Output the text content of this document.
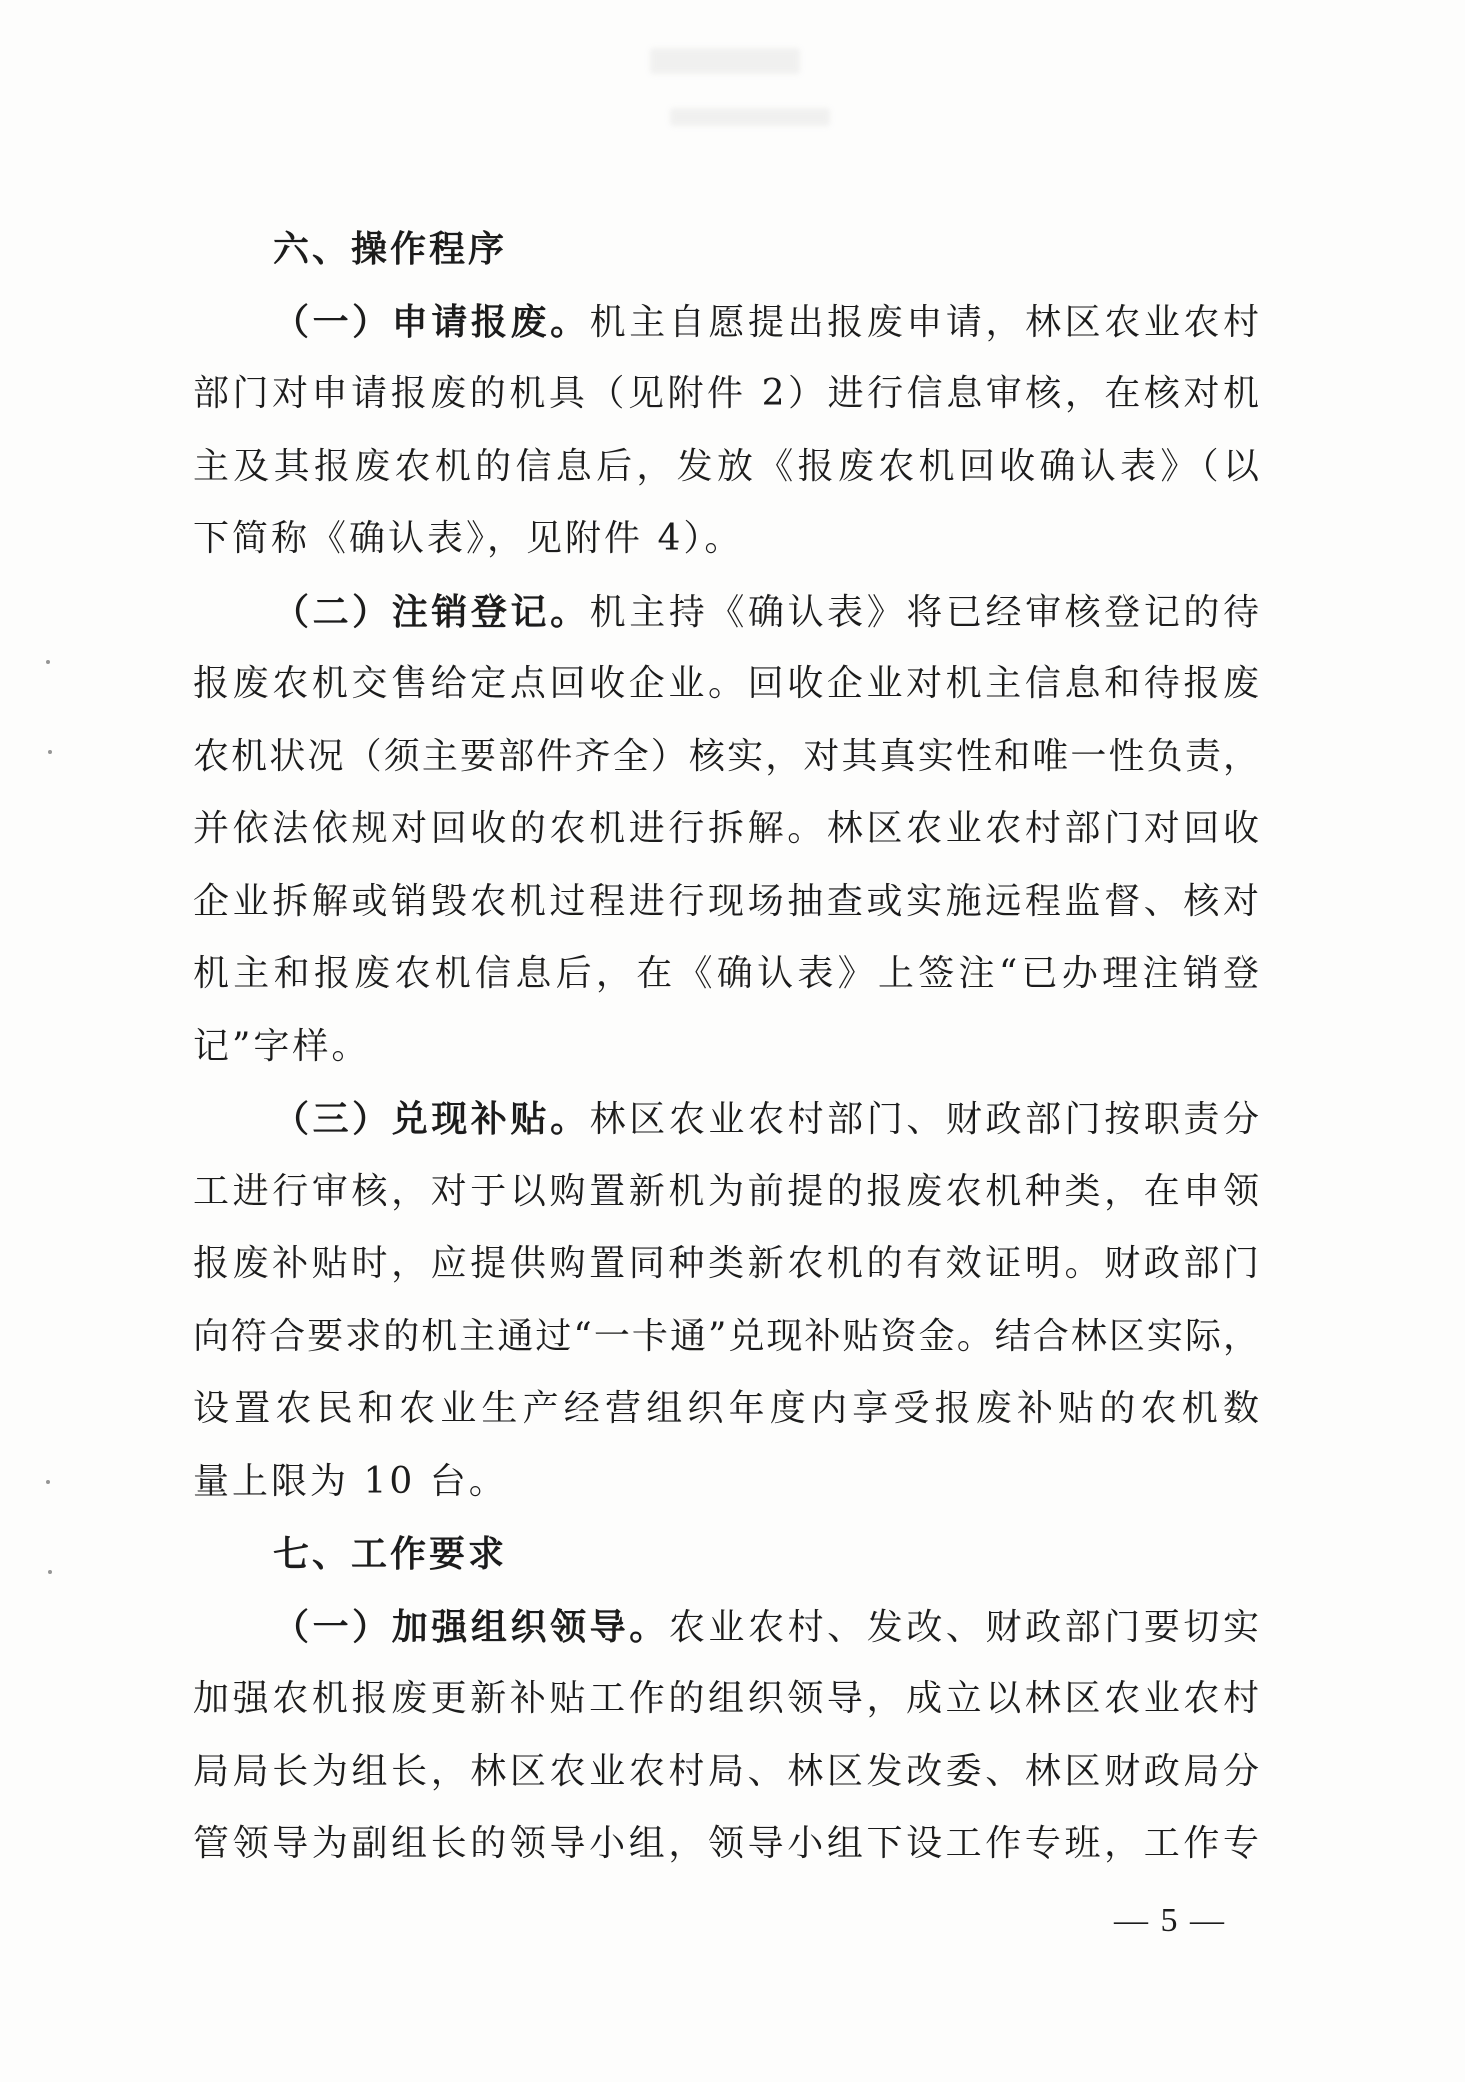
六、操作程序
（一）申请报废。机主自愿提出报废申请，林区农业农村
部门对申请报废的机具（见附件 2）进行信息审核，在核对机
主及其报废农机的信息后，发放《报废农机回收确认表》（以
下简称《确认表》，见附件 4）。
（二）注销登记。机主持《确认表》将已经审核登记的待
报废农机交售给定点回收企业。回收企业对机主信息和待报废
农机状况（须主要部件齐全）核实，对其真实性和唯一性负责，
并依法依规对回收的农机进行拆解。林区农业农村部门对回收
企业拆解或销毁农机过程进行现场抽查或实施远程监督、核对
机主和报废农机信息后，在《确认表》上签注“已办理注销登
记”字样。
（三）兑现补贴。林区农业农村部门、财政部门按职责分
工进行审核，对于以购置新机为前提的报废农机种类，在申领
报废补贴时，应提供购置同种类新农机的有效证明。财政部门
向符合要求的机主通过“一卡通”兑现补贴资金。结合林区实际，
设置农民和农业生产经营组织年度内享受报废补贴的农机数
量上限为 10 台。
七、工作要求
（一）加强组织领导。农业农村、发改、财政部门要切实
加强农机报废更新补贴工作的组织领导，成立以林区农业农村
局局长为组长，林区农业农村局、林区发改委、林区财政局分
管领导为副组长的领导小组，领导小组下设工作专班，工作专
— 5 —
